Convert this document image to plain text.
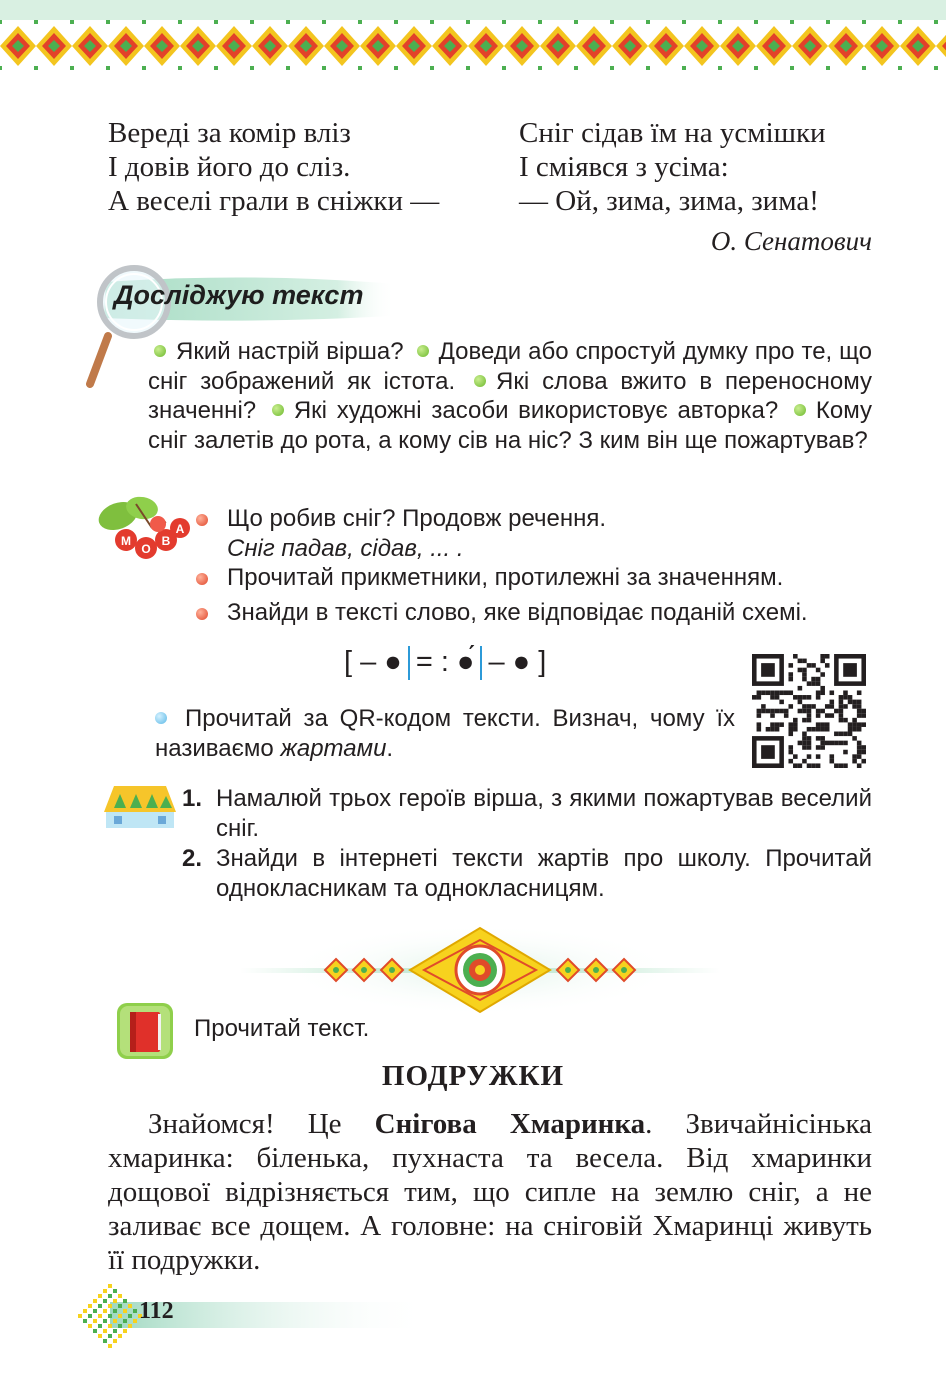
Вереді за комір вліз
І довів його до сліз.
А веселі грали в сніжки —
Сніг сідав їм на усмішки
І сміявся з усіма:
— Ой, зима, зима, зима!
О. Сенатович
Досліджую текст
Який настрій вірша? Доведи або спростуй думку про те, що сніг зображений як істота. Які слова вжито в переносному значенні? Які художні засоби використовує авторка? Кому сніг залетів до рота, а кому сів на ніс? З ким він ще пожартував?
М
О
В
А	Що робив сніг? Продовж речення.
Сніг падав, сідав, ... .
Прочитай прикметники, протилежні за значенням.
Знайди в тексті слово, яке відповідає поданій схемі.
[ – ● = : ●́ – ● ]
Прочитай за QR-кодом тексти. Визнач, чому їх називаємо жартами.
1. Намалюй трьох героїв вірша, з якими пожартував веселий сніг.
2. Знайди в інтернеті тексти жартів про школу. Прочитай однокласникам та однокласницям.
Прочитай текст.
ПОДРУЖКИ
Знайомся! Це Снігова Хмаринка. Звичайнісінька хмаринка: біленька, пухнаста та весела. Від хмаринки дощової відрізняється тим, що сипле на землю сніг, а не заливає все дощем. А головне: на сніговій Хмаринці живуть її подружки.
112
